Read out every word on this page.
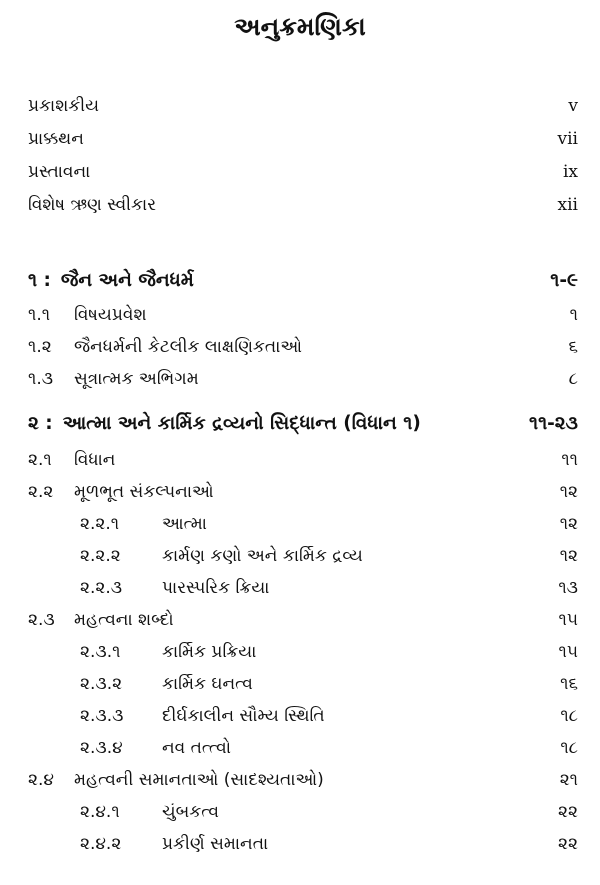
અનુક્રમણિકા
પ્રકાશકીય	v
પ્રાક્કથન	vii
પ્રસ્તાવના	ix
વિશેષ ઋણ સ્વીકાર	xii
૧ : જૈન અને જૈનધર્મ	૧-૯
૧.૧	વિષયપ્રવેશ	૧
૧.૨	જૈનધર્મની કેટલીક લાક્ષણિકતાઓ	૬
૧.૩	સૂત્રાત્મક અભિગમ	૮
૨ : આત્મા અને કાર્મિક દ્રવ્યનો સિદ્ધાન્ત (વિધાન ૧)	૧૧-૨૩
૨.૧	વિધાન	૧૧
૨.૨	મૂળભૂત સંકલ્પનાઓ	૧૨
૨.૨.૧	આત્મા	૧૨
૨.૨.૨	કાર્મણ કણો અને કાર્મિક દ્રવ્ય	૧૨
૨.૨.૩	પારસ્પરિક ક્રિયા	૧૩
૨.૩	મહત્વના શબ્દો	૧૫
૨.૩.૧	કાર્મિક પ્રક્રિયા	૧૫
૨.૩.૨	કાર્મિક ઘનત્વ	૧૬
૨.૩.૩	દીર્ઘકાલીન સૌમ્ય સ્થિતિ	૧૮
૨.૩.૪	નવ તત્ત્વો	૧૮
૨.૪	મહત્વની સમાનતાઓ (સાદશ્યતાઓ)	૨૧
૨.૪.૧	ચુંબકત્વ	૨૨
૨.૪.૨	પ્રકીર્ણ સમાનતા	૨૨
